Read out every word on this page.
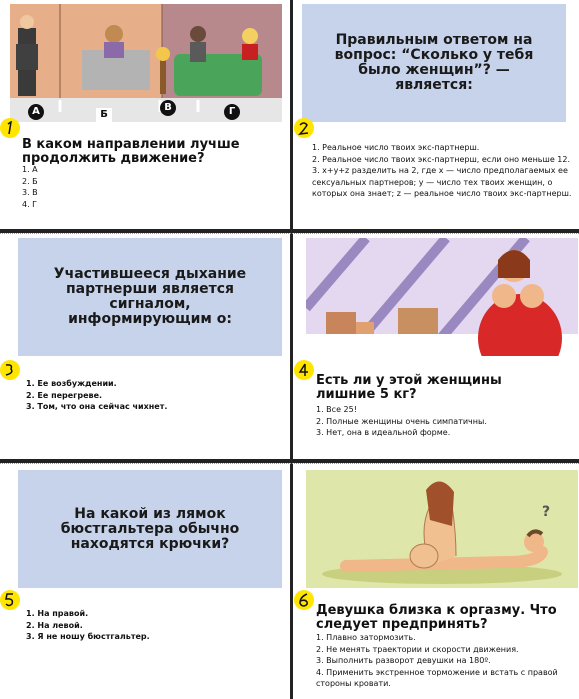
А	Б
В	Г
В каком направлении лучше продолжить движение?
1. А
2. Б
3. В
4. Г
Правильным ответом на вопрос: “Сколько у тебя было женщин”? — является:
1. Реальное число твоих экс-партнерш.
2. Реальное число твоих экс-партнерш, если оно меньше 12.
3. x+y+z разделить на 2, где x — число предполагаемых ее сексуальных партнеров; y — число тех твоих женщин, о которых она знает; z — реальное число твоих экс-партнерш.
Участившееся дыхание партнерши является сигналом, информирующим о:
1. Ее возбуждении.
2. Ее перегреве.
3. Том, что она сейчас чихнет.
Есть ли у этой женщины лишние 5 кг?
1. Все 25!
2. Полные женщины очень симпатичны.
3. Нет, она в идеальной форме.
На какой из лямок бюстгальтера обычно находятся крючки?
1. На правой.
2. На левой.
3. Я не ношу бюстгальтер.
?
Девушка близка к оргазму. Что следует предпринять?
1. Плавно затормозить.
2. Не менять траектории и скорости движения.
3. Выполнить разворот девушки на 180º.
4. Применить экстренное торможение и встать с правой стороны кровати.
